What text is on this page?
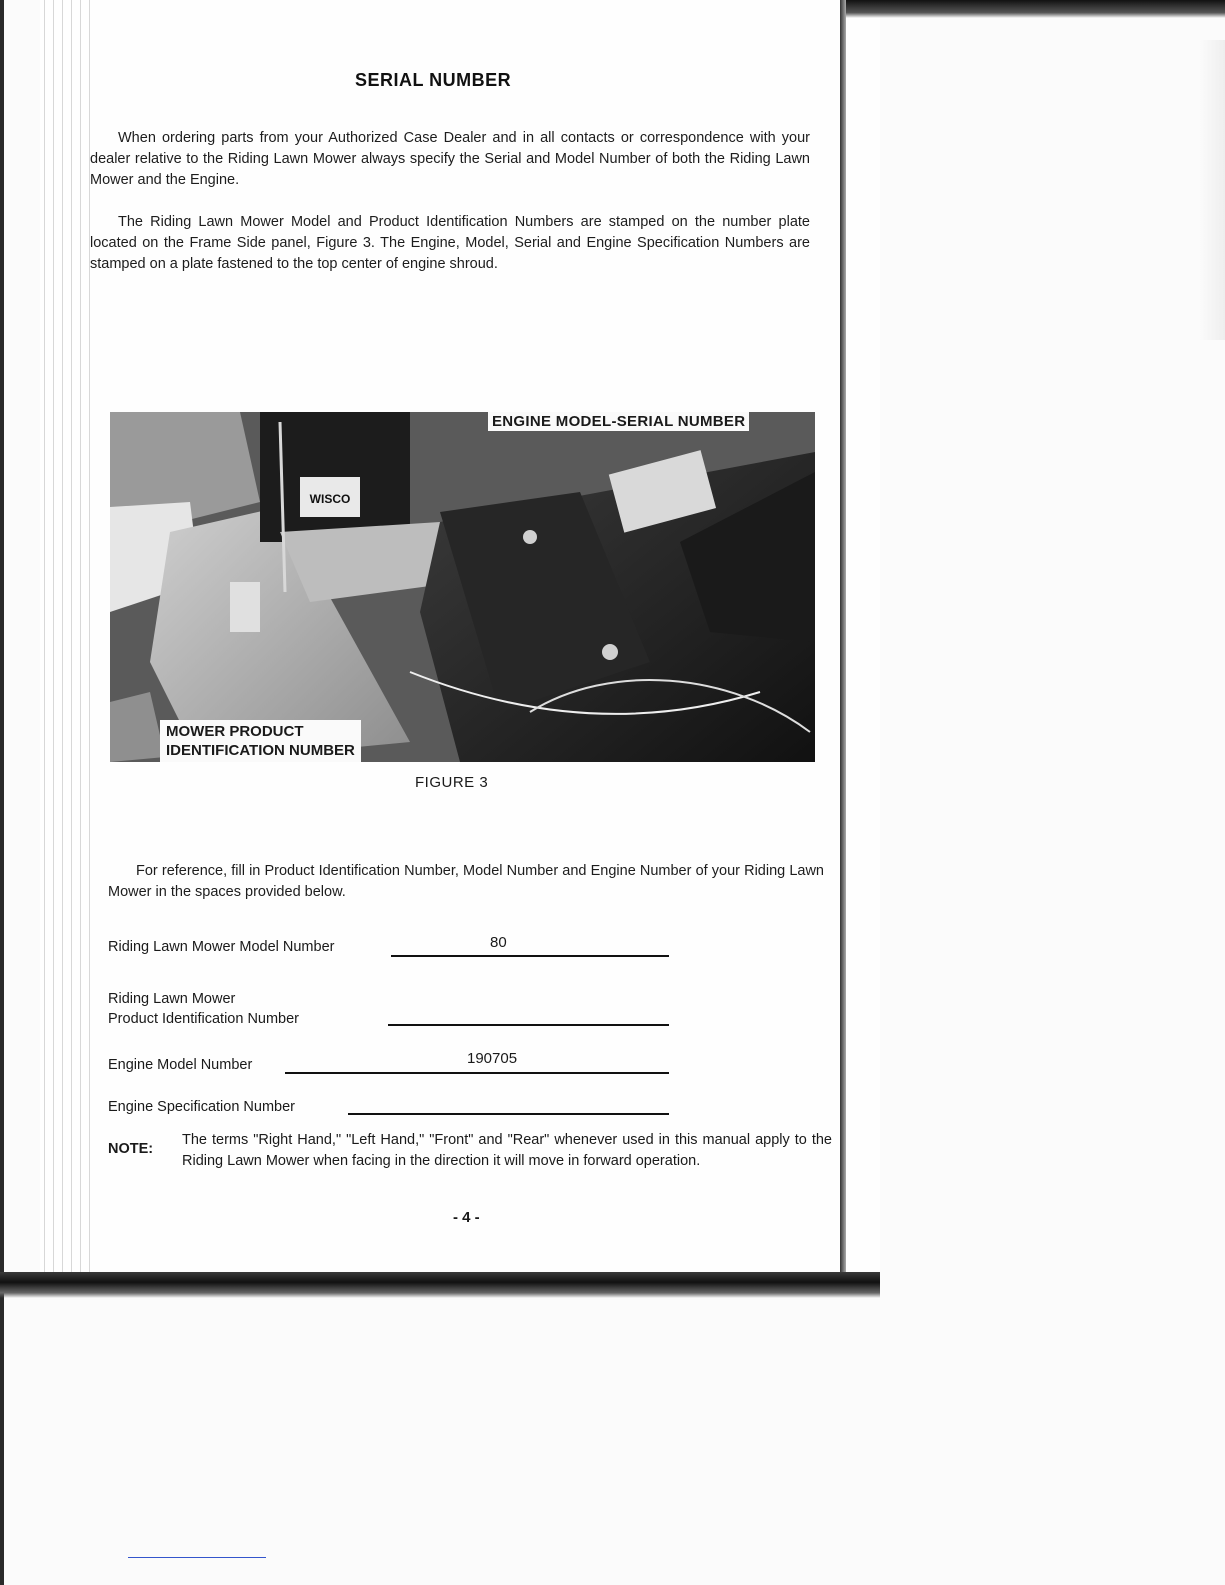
SERIAL NUMBER

When ordering parts from your Authorized Case Dealer and in all contacts or correspondence with your dealer relative to the Riding Lawn Mower always specify the Serial and Model Number of both the Riding Lawn Mower and the Engine.

The Riding Lawn Mower Model and Product Identification Numbers are stamped on the number plate located on the Frame Side panel, Figure 3. The Engine, Model, Serial and Engine Specification Numbers are stamped on a plate fastened to the top center of engine shroud.

WISCO
ENGINE MODEL-SERIAL NUMBER
MOWER PRODUCT
IDENTIFICATION NUMBER
FIGURE 3

For reference, fill in Product Identification Number, Model Number and Engine Number of your Riding Lawn Mower in the spaces provided below.

Riding Lawn Mower Model Number	80
Riding Lawn Mower
Product Identification Number
Engine Model Number	190705
Engine Specification Number
NOTE:

The terms "Right Hand," "Left Hand," "Front" and "Rear" whenever used in this manual apply to the Riding Lawn Mower when facing in the direction it will move in forward operation.

- 4 -
